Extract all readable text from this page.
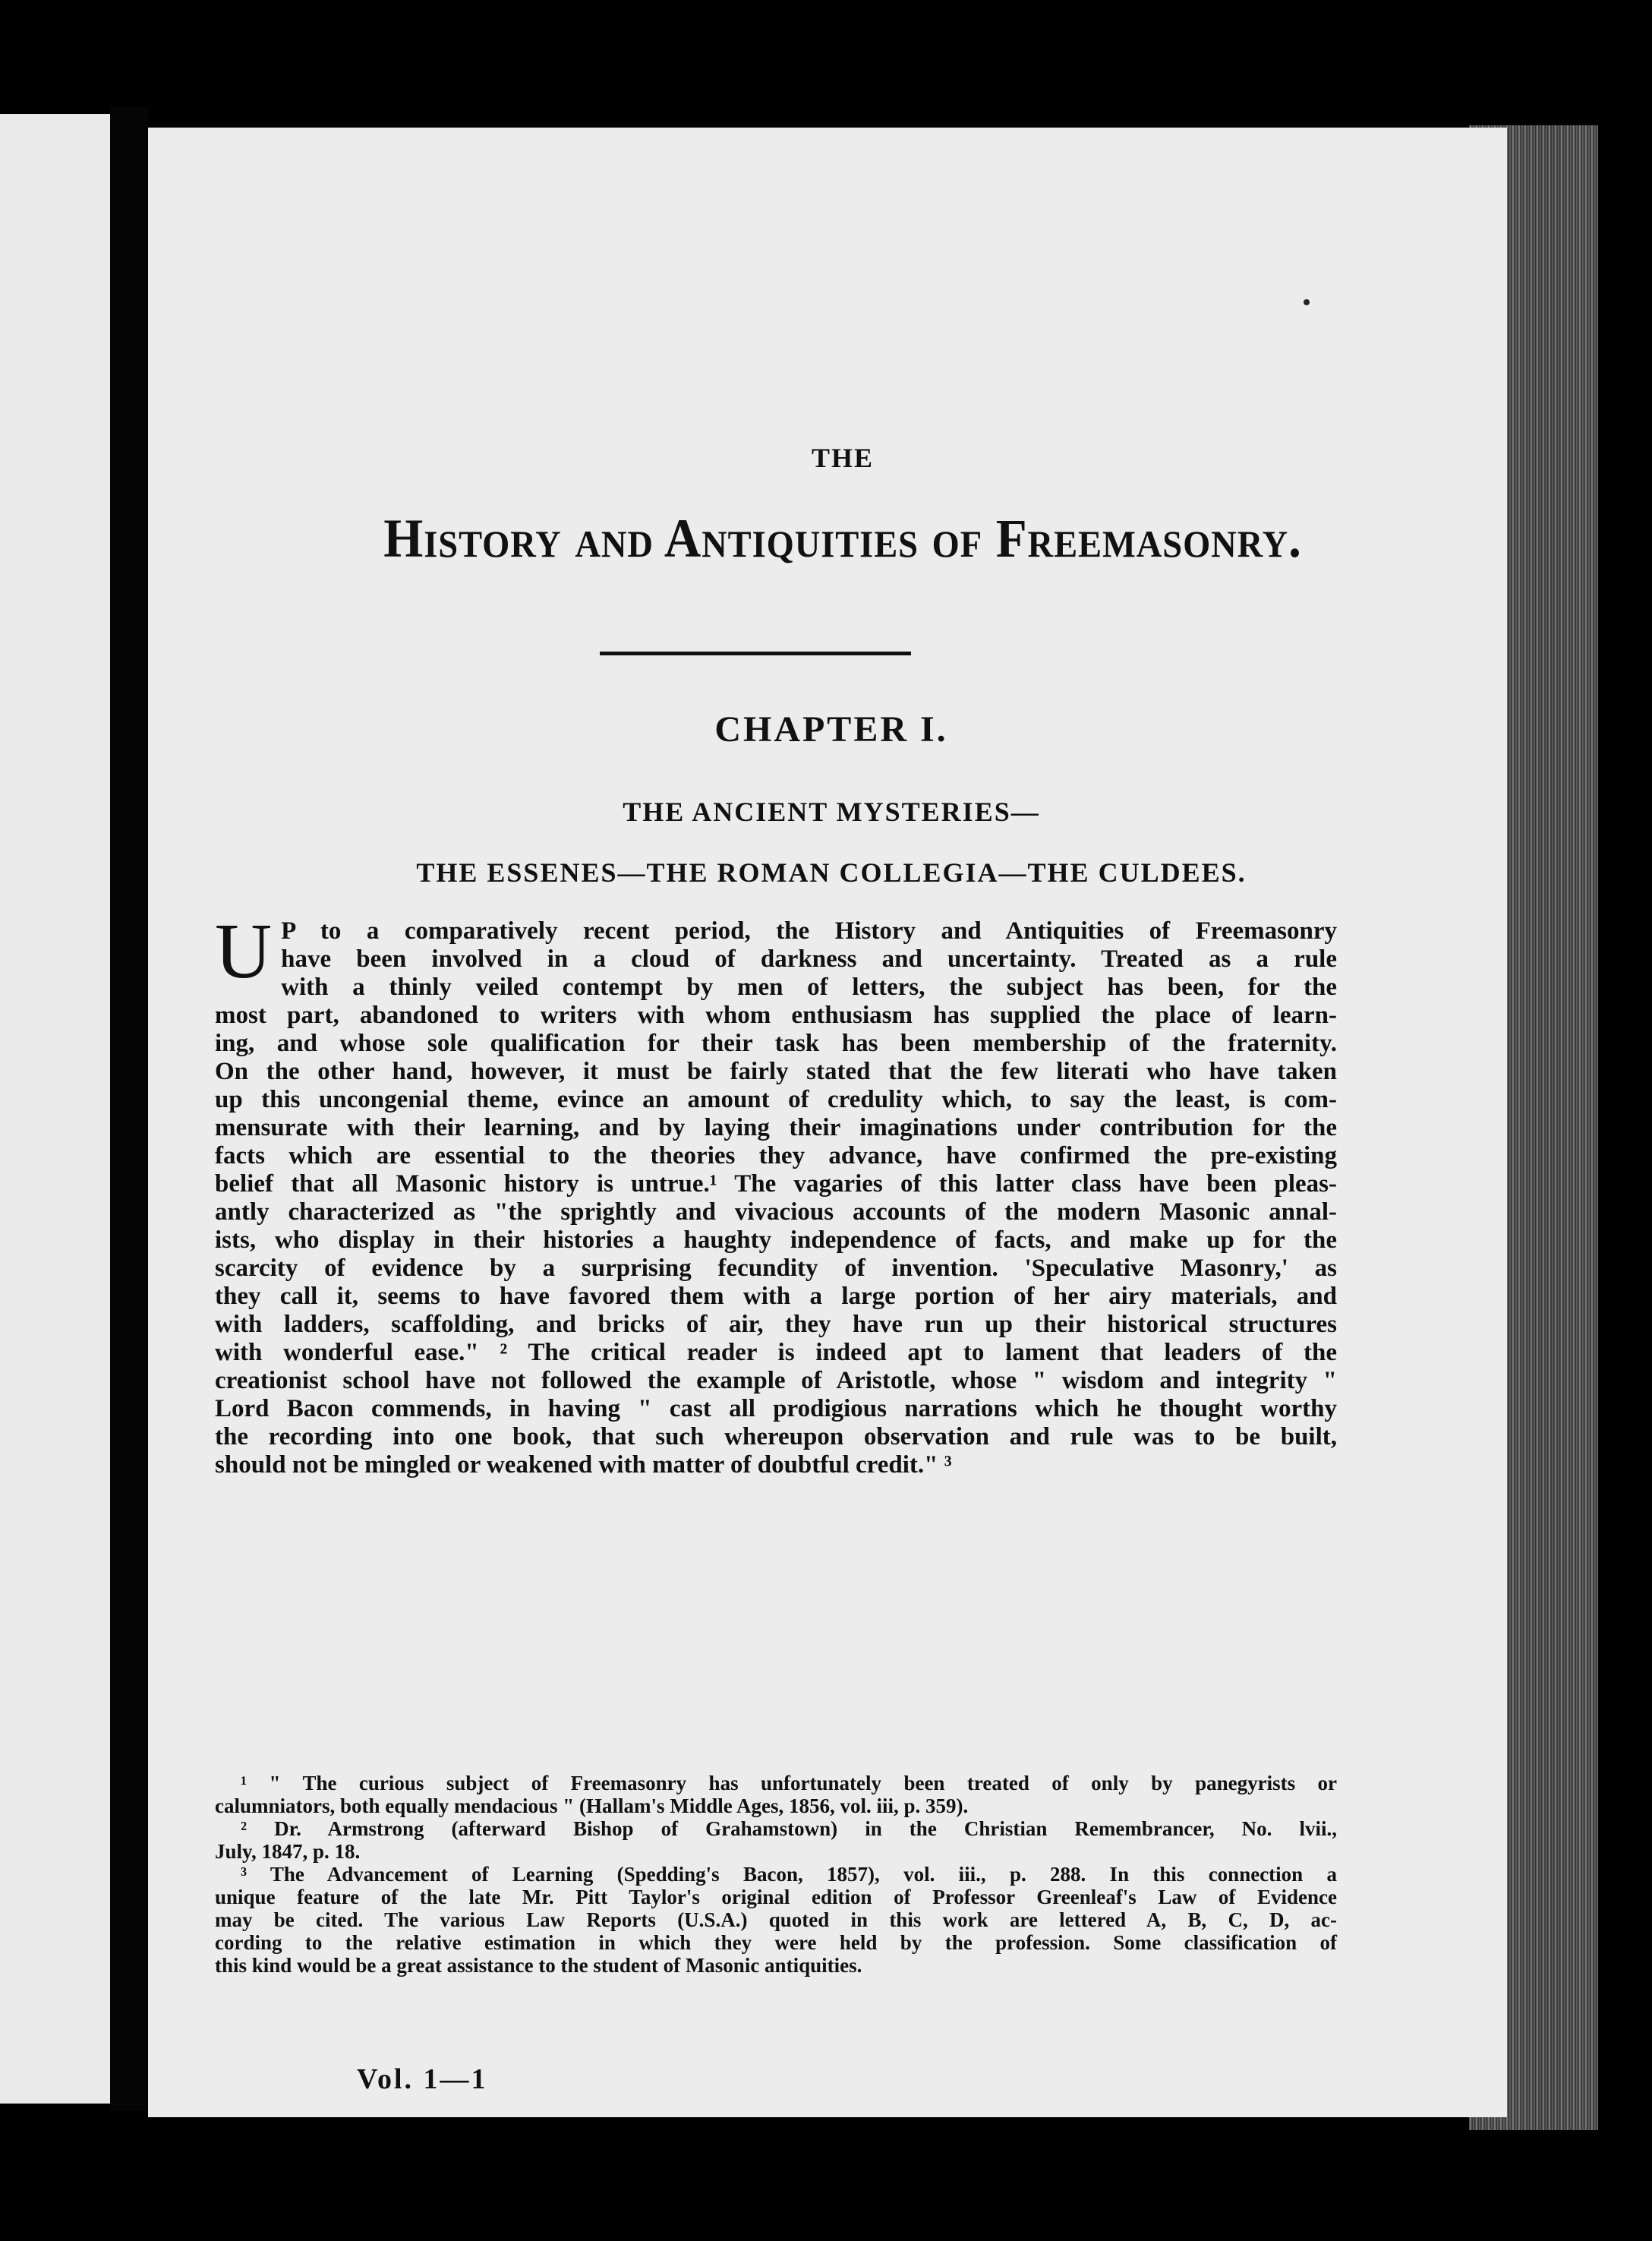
THE
History and Antiquities of Freemasonry.
CHAPTER I.
THE ANCIENT MYSTERIES—
THE ESSENES—THE ROMAN COLLEGIA—THE CULDEES.
U P to a comparatively recent period, the History and Antiquities of Freemasonry
have been involved in a cloud of darkness and uncertainty. Treated as a rule
with a thinly veiled contempt by men of letters, the subject has been, for the
most part, abandoned to writers with whom enthusiasm has supplied the place of learn-
ing, and whose sole qualification for their task has been membership of the fraternity.
On the other hand, however, it must be fairly stated that the few literati who have taken
up this uncongenial theme, evince an amount of credulity which, to say the least, is com-
mensurate with their learning, and by laying their imaginations under contribution for the
facts which are essential to the theories they advance, have confirmed the pre-existing
belief that all Masonic history is untrue.¹ The vagaries of this latter class have been pleas-
antly characterized as "the sprightly and vivacious accounts of the modern Masonic annal-
ists, who display in their histories a haughty independence of facts, and make up for the
scarcity of evidence by a surprising fecundity of invention. 'Speculative Masonry,' as
they call it, seems to have favored them with a large portion of her airy materials, and
with ladders, scaffolding, and bricks of air, they have run up their historical structures
with wonderful ease." ² The critical reader is indeed apt to lament that leaders of the
creationist school have not followed the example of Aristotle, whose " wisdom and integrity "
Lord Bacon commends, in having " cast all prodigious narrations which he thought worthy
the recording into one book, that such whereupon observation and rule was to be built,
should not be mingled or weakened with matter of doubtful credit." ³
¹ " The curious subject of Freemasonry has unfortunately been treated of only by panegyrists or
calumniators, both equally mendacious " (Hallam's Middle Ages, 1856, vol. iii, p. 359).
² Dr. Armstrong (afterward Bishop of Grahamstown) in the Christian Remembrancer, No. lvii.,
July, 1847, p. 18.
³ The Advancement of Learning (Spedding's Bacon, 1857), vol. iii., p. 288. In this connection a
unique feature of the late Mr. Pitt Taylor's original edition of Professor Greenleaf's Law of Evidence
may be cited. The various Law Reports (U.S.A.) quoted in this work are lettered A, B, C, D, ac-
cording to the relative estimation in which they were held by the profession. Some classification of
this kind would be a great assistance to the student of Masonic antiquities.
Vol. 1—1
